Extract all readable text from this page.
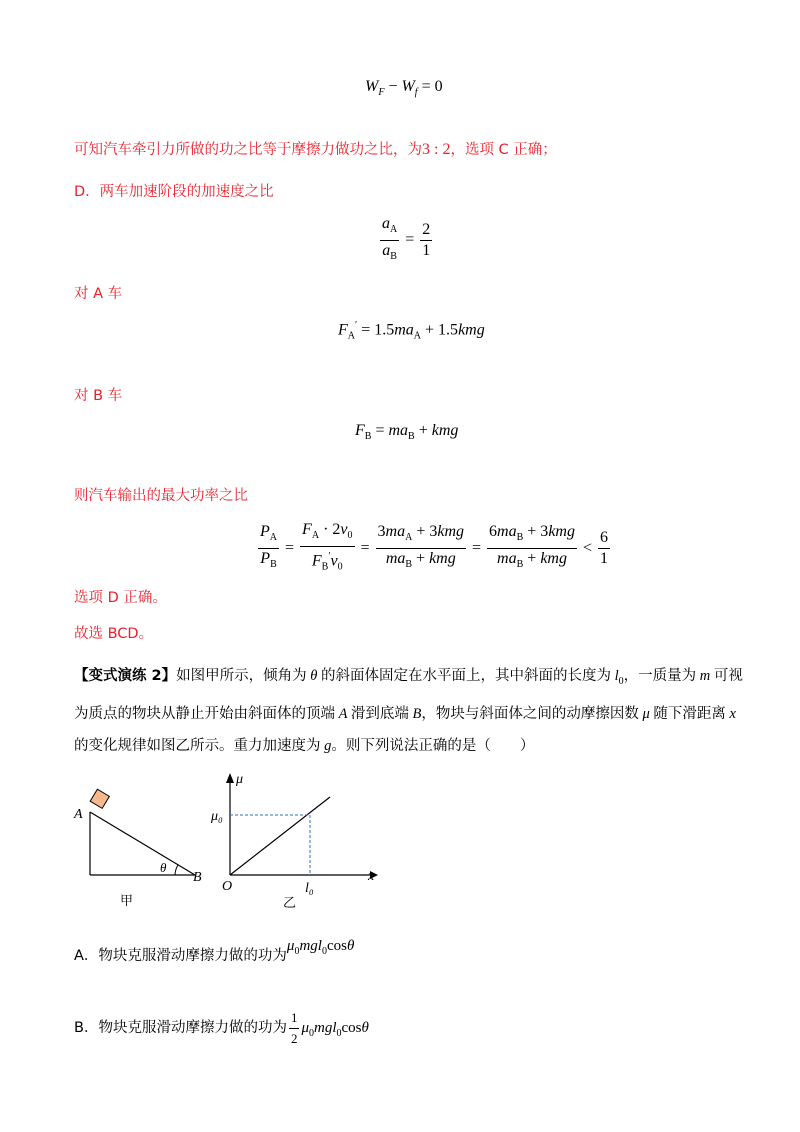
$W_F - W_f = 0$
可知汽车牵引力所做的功之比等于摩擦力做功之比，为3 : 2，选项 C 正确；
D．两车加速阶段的加速度之比
$\frac{a_A}{a_B} = \frac{2}{1}$
对 A 车
$F_A' = 1.5ma_A + 1.5kmg$
对 B 车
$F_B = ma_B$ + kmg
则汽车输出的最大功率之比
$\frac{P_A}{P_B} = \frac{F_A \cdot 2v_0}{F_B'v_0} = \frac{3ma_A + 3kmg}{ma_B + kmg} = \frac{6ma_B + 3kmg}{ma_B + kmg} < \frac{6}{1}$
选项 D 正确。
故选 BCD。
【变式演练 2】如图甲所示，倾角为 θ 的斜面体固定在水平面上，其中斜面的长度为 $l_0$，一质量为 m 可视
为质点的物块从静止开始由斜面体的顶端 A 滑到底端 B，物块与斜面体之间的动摩擦因数 μ 随下滑距离 x
的变化规律如图乙所示。重力加速度为 g。则下列说法正确的是（　　）
A
B
θ
甲
μ
x
O
μ₀
l₀
乙
A．物块克服滑动摩擦力做的功为$\mu_0mgl_0\cos\theta$
B．物块克服滑动摩擦力做的功为 $\frac{1}{2} \mu_0mgl_0\cos\theta$
